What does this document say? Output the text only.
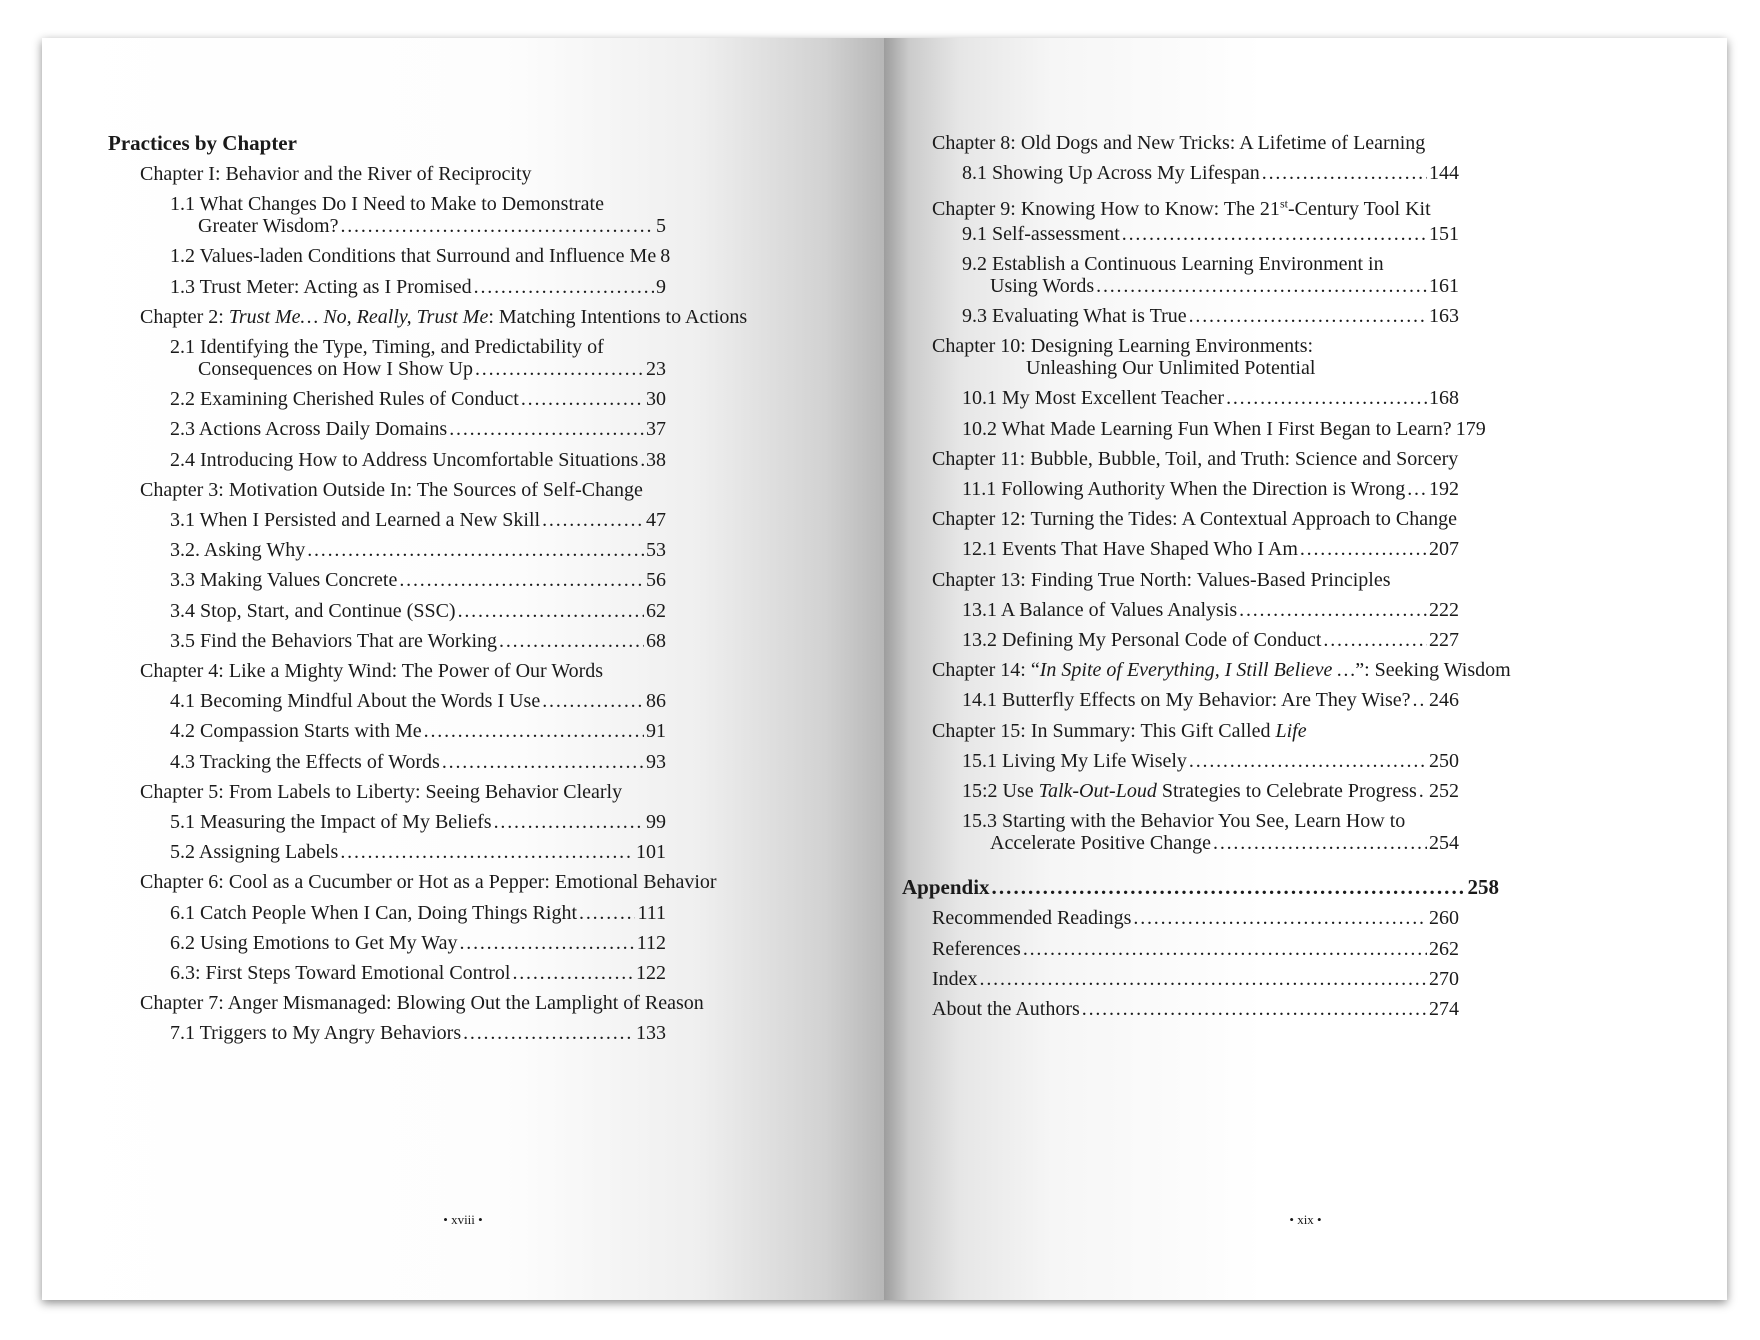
Practices by Chapter
Chapter I: Behavior and the River of Reciprocity
1.1 What Changes Do I Need to Make to Demonstrate
Greater Wisdom? . . .	5
1.2 Values-laden Conditions that Surround and Influence Me 8
1.3 Trust Meter: Acting as I Promised . . .	9
Chapter 2: Trust Me… No, Really, Trust Me: Matching Intentions to Actions
2.1 Identifying the Type, Timing, and Predictability of
Consequences on How I Show Up . . .	23
2.2 Examining Cherished Rules of Conduct . . .	30
2.3 Actions Across Daily Domains . . .	37
2.4 Introducing How to Address Uncomfortable Situations . . . 38
Chapter 3: Motivation Outside In: The Sources of Self-Change
3.1 When I Persisted and Learned a New Skill . . .	47
3.2. Asking Why . . .	53
3.3 Making Values Concrete . . .	56
3.4 Stop, Start, and Continue (SSC) . . .	62
3.5 Find the Behaviors That are Working . . .	68
Chapter 4: Like a Mighty Wind: The Power of Our Words
4.1 Becoming Mindful About the Words I Use . . .	86
4.2 Compassion Starts with Me . . .	91
4.3 Tracking the Effects of Words . . .	93
Chapter 5: From Labels to Liberty: Seeing Behavior Clearly
5.1 Measuring the Impact of My Beliefs . . .	99
5.2 Assigning Labels . . .	101
Chapter 6: Cool as a Cucumber or Hot as a Pepper: Emotional Behavior
6.1 Catch People When I Can, Doing Things Right . . .	111
6.2 Using Emotions to Get My Way . . .	112
6.3: First Steps Toward Emotional Control . . .	122
Chapter 7: Anger Mismanaged: Blowing Out the Lamplight of Reason
7.1 Triggers to My Angry Behaviors . . .	133
• xviii •
Chapter 8: Old Dogs and New Tricks: A Lifetime of Learning
8.1 Showing Up Across My Lifespan . . .	144
Chapter 9: Knowing How to Know: The 21st-Century Tool Kit
9.1 Self-assessment . . .	151
9.2 Establish a Continuous Learning Environment in
Using Words . . .	161
9.3 Evaluating What is True . . .	163
Chapter 10: Designing Learning Environments:
Unleashing Our Unlimited Potential
10.1 My Most Excellent Teacher . . .	168
10.2 What Made Learning Fun When I First Began to Learn? 179
Chapter 11: Bubble, Bubble, Toil, and Truth: Science and Sorcery
11.1 Following Authority When the Direction is Wrong . . . 192
Chapter 12: Turning the Tides: A Contextual Approach to Change
12.1 Events That Have Shaped Who I Am . . .	207
Chapter 13: Finding True North: Values-Based Principles
13.1 A Balance of Values Analysis . . .	222
13.2 Defining My Personal Code of Conduct . . .	227
Chapter 14: “In Spite of Everything, I Still Believe …”: Seeking Wisdom
14.1 Butterfly Effects on My Behavior: Are They Wise? . . . 246
Chapter 15: In Summary: This Gift Called Life
15.1 Living My Life Wisely . . .	250
15:2 Use Talk-Out-Loud Strategies to Celebrate Progress . . . 252
15.3 Starting with the Behavior You See, Learn How to
Accelerate Positive Change . . .	254
Appendix . . .	258
Recommended Readings . . .	260
References . . .	262
Index . . .	270
About the Authors . . .	274
• xix •
